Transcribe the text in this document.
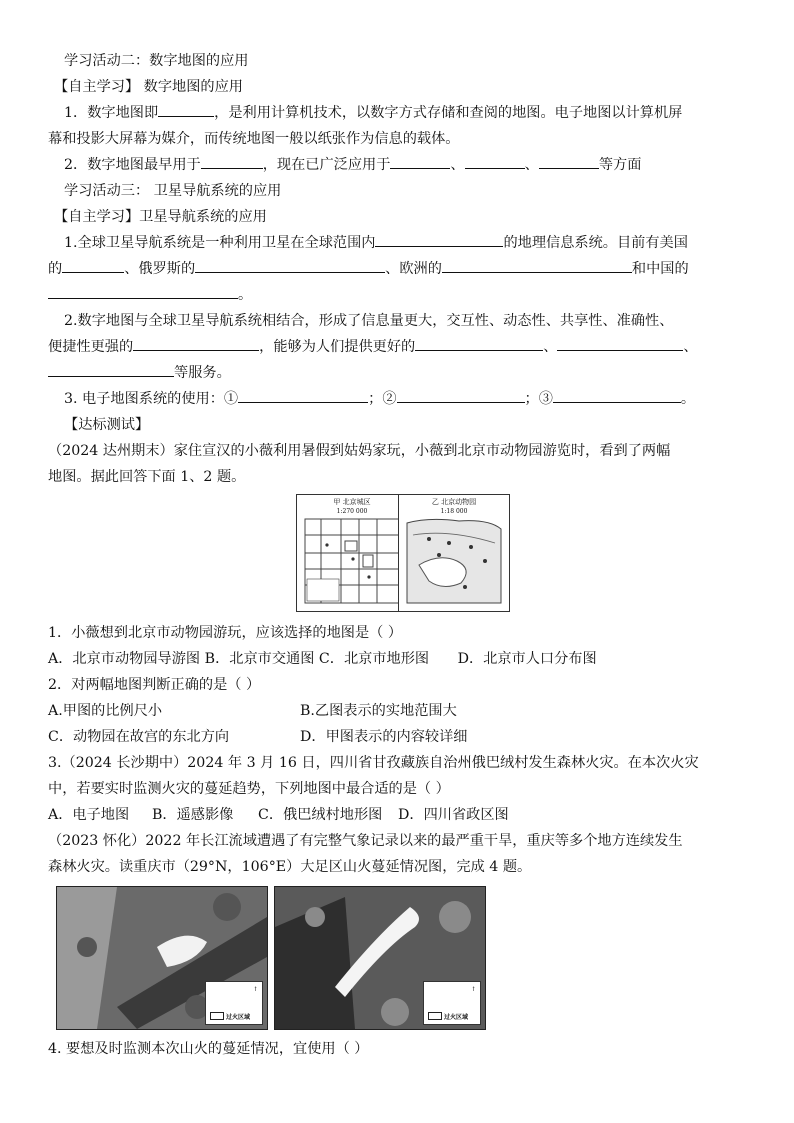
学习活动二：数字地图的应用
【自主学习】 数字地图的应用
1．数字地图即	，是利用计算机技术，以数字方式存储和查阅的地图。电子地图以计算机屏
幕和投影大屏幕为媒介，而传统地图一般以纸张作为信息的载体。
2．数字地图最早用于	，现在已广泛应用于	、	、	等方面
学习活动三： 卫星导航系统的应用
【自主学习】卫星导航系统的应用
1.全球卫星导航系统是一种利用卫星在全球范围内	的地理信息系统。目前有美国
的	、俄罗斯的	、欧洲的	和中国的
。
2.数字地图与全球卫星导航系统相结合，形成了信息量更大，交互性、动态性、共享性、准确性、
便捷性更强的	，能够为人们提供更好的	、	、
等服务。
3. 电子地图系统的使用：①	；②	；③	。
【达标测试】
（2024 达州期末）家住宣汉的小薇利用暑假到姑妈家玩，小薇到北京市动物园游览时，看到了两幅
地图。据此回答下面 1、2 题。
甲 北京城区
1:270 000
乙 北京动物园
1:18 000
1．小薇想到北京市动物园游玩，应该选择的地图是（ ）
A．北京市动物园导游图 B．北京市交通图 C．北京市地形图 D．北京市人口分布图
2．对两幅地图判断正确的是（ ）
A.甲图的比例尺小	B.乙图表示的实地范围大
C．动物园在故宫的东北方向	D．甲图表示的内容较详细
3.（2024 长沙期中）2024 年 3 月 16 日，四川省甘孜藏族自治州俄巴绒村发生森林火灾。在本次火灾
中，若要实时监测火灾的蔓延趋势，下列地图中最合适的是（ ）
A．电子地图 B．遥感影像 C．俄巴绒村地形图 D．四川省政区图
（2023 怀化）2022 年长江流域遭遇了有完整气象记录以来的最严重干旱，重庆等多个地方连续发生
森林火灾。读重庆市（29°N，106°E）大足区山火蔓延情况图，完成 4 题。
过火区域
↑
过火区域
↑
4. 要想及时监测本次山火的蔓延情况，宜使用（ ）
